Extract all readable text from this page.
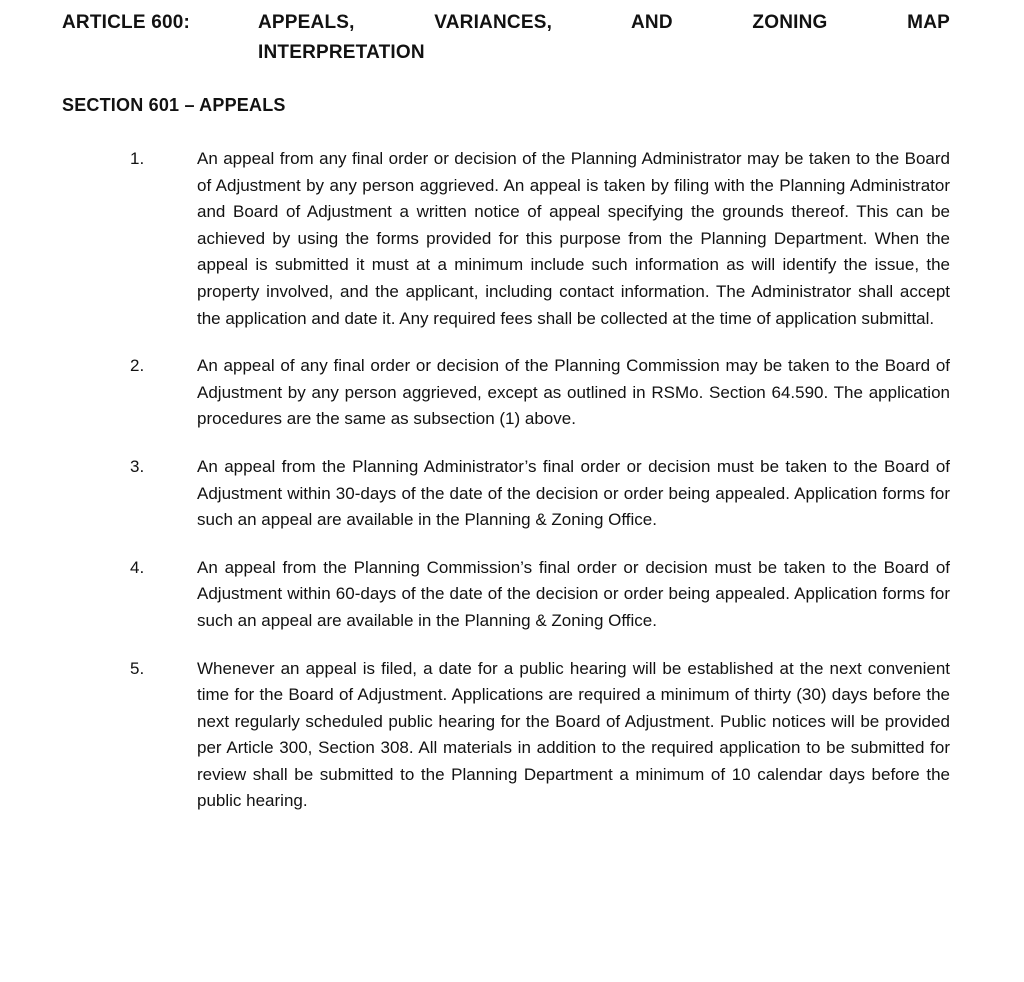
ARTICLE 600:	APPEALS, VARIANCES, AND ZONING MAP
INTERPRETATION
SECTION 601 – APPEALS
1.	An appeal from any final order or decision of the Planning Administrator may be taken to the Board of Adjustment by any person aggrieved. An appeal is taken by filing with the Planning Administrator and Board of Adjustment a written notice of appeal specifying the grounds thereof. This can be achieved by using the forms provided for this purpose from the Planning Department. When the appeal is submitted it must at a minimum include such information as will identify the issue, the property involved, and the applicant, including contact information. The Administrator shall accept the application and date it. Any required fees shall be collected at the time of application submittal.

2.	An appeal of any final order or decision of the Planning Commission may be taken to the Board of Adjustment by any person aggrieved, except as outlined in RSMo. Section 64.590. The application procedures are the same as subsection (1) above.

3.	An appeal from the Planning Administrator’s final order or decision must be taken to the Board of Adjustment within 30-days of the date of the decision or order being appealed. Application forms for such an appeal are available in the Planning & Zoning Office.

4.	An appeal from the Planning Commission’s final order or decision must be taken to the Board of Adjustment within 60-days of the date of the decision or order being appealed. Application forms for such an appeal are available in the Planning & Zoning Office.

5.	Whenever an appeal is filed, a date for a public hearing will be established at the next convenient time for the Board of Adjustment. Applications are required a minimum of thirty (30) days before the next regularly scheduled public hearing for the Board of Adjustment. Public notices will be provided per Article 300, Section 308. All materials in addition to the required application to be submitted for review shall be submitted to the Planning Department a minimum of 10 calendar days before the public hearing.
